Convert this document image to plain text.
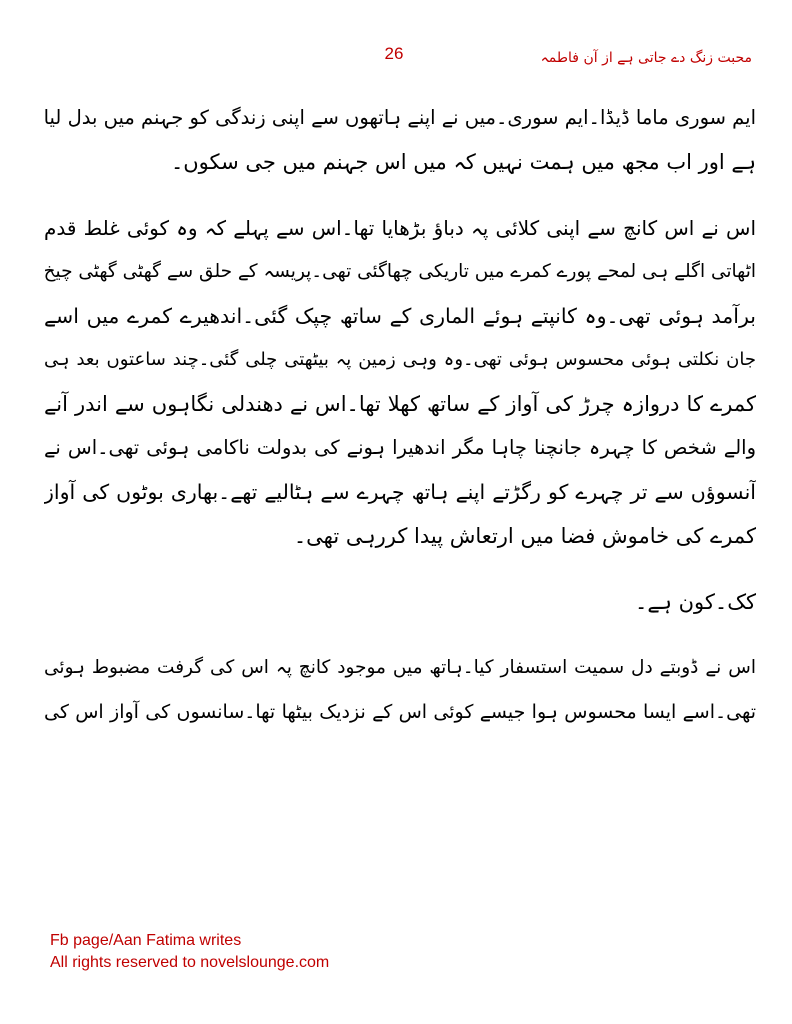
26	محبت زنگ دے جاتی ہے از آن فاطمہ
ایم سوری ماما ڈیڈا۔ایم سوری۔میں نے اپنے ہاتھوں سے اپنی زندگی کو جہنم میں بدل لیا
ہے اور اب مجھ میں ہمت نہیں کہ میں اس جہنم میں جی سکوں۔
اس نے اس کانچ سے اپنی کلائی پہ دباؤ بڑھایا تھا۔اس سے پہلے کہ وہ کوئی غلط قدم
اٹھاتی اگلے ہی لمحے پورے کمرے میں تاریکی چھاگئی تھی۔پریسہ کے حلق سے گھٹی گھٹی چیخ
برآمد ہوئی تھی۔وہ کانپتے ہوئے الماری کے ساتھ چپک گئی۔اندھیرے کمرے میں اسے
جان نکلتی ہوئی محسوس ہوئی تھی۔وہ وہی زمین پہ بیٹھتی چلی گئی۔چند ساعتوں بعد ہی
کمرے کا دروازہ چرڑ کی آواز کے ساتھ کھلا تھا۔اس نے دھندلی نگاہوں سے اندر آنے
والے شخص کا چہرہ جانچنا چاہا مگر اندھیرا ہونے کی بدولت ناکامی ہوئی تھی۔اس نے
آنسوؤں سے تر چہرے کو رگڑتے اپنے ہاتھ چہرے سے ہٹالیے تھے۔بھاری بوٹوں کی آواز
کمرے کی خاموش فضا میں ارتعاش پیدا کررہی تھی۔
کک۔کون ہے۔
اس نے ڈوبتے دل سمیت استسفار کیا۔ہاتھ میں موجود کانچ پہ اس کی گرفت مضبوط ہوئی
تھی۔اسے ایسا محسوس ہوا جیسے کوئی اس کے نزدیک بیٹھا تھا۔سانسوں کی آواز اس کی
Fb page/Aan Fatima writes
All rights reserved to novelslounge.com
